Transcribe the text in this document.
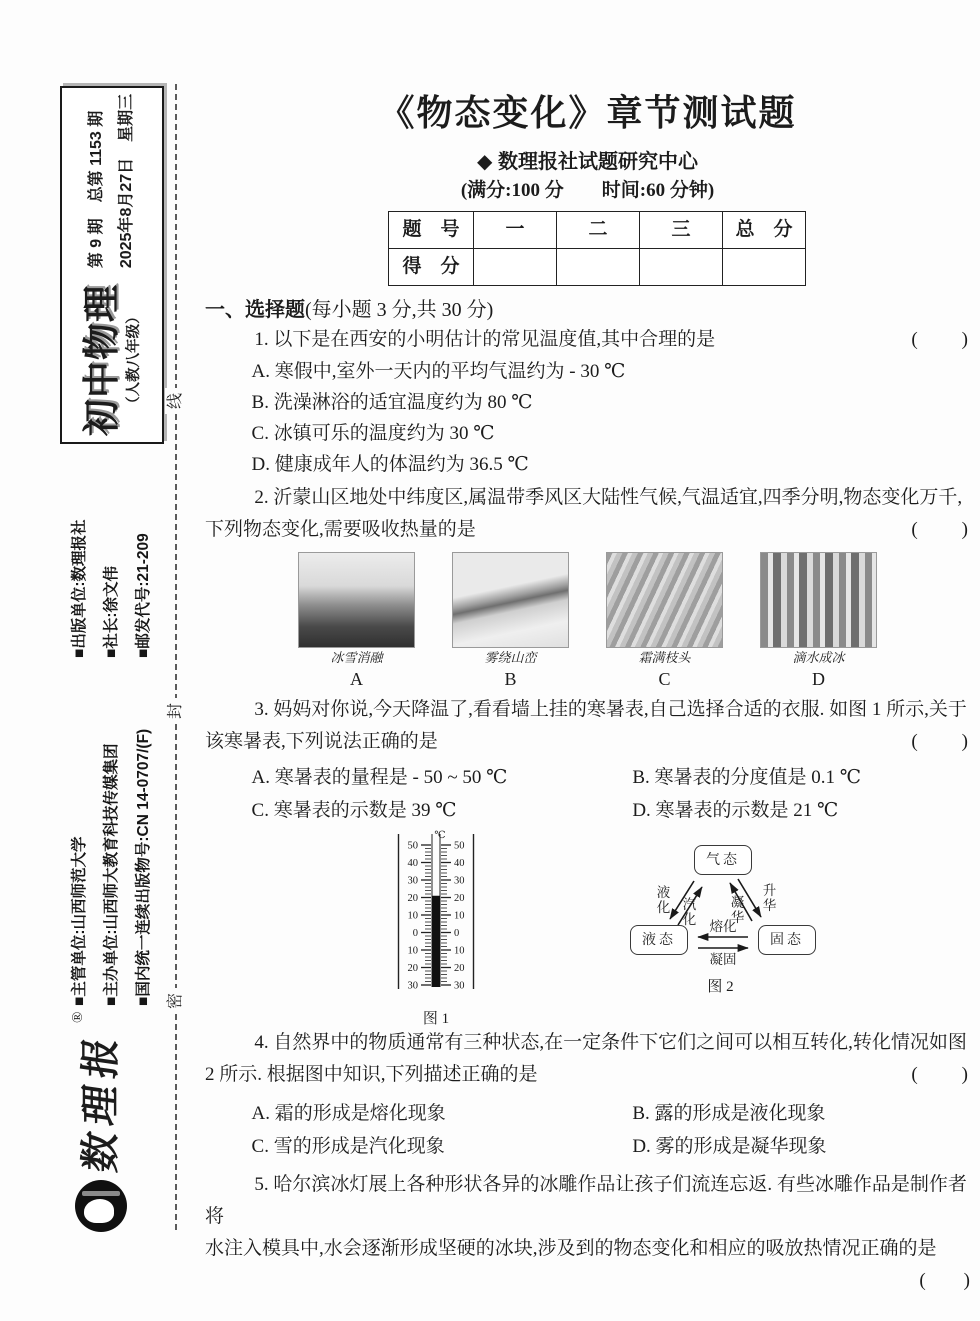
初中物理 （人教八年级）
第 9 期　总第 1153 期 2025年8月27日　星期三
■出版单位:数理报社 ■社长:徐文伟 ■邮发代号:21-209
■主管单位:山西师范大学 ■主办单位:山西师大教育科技传媒集团 ■国内统一连续出版物号:CN 14-0707/(F)
数理报
®
线
封
密
《物态变化》章节测试题
◆ 数理报社试题研究中心
(满分:100 分　　时间:60 分钟)
题　号	一	二	三	总　分
得　分				
一、选择题(每小题 3 分,共 30 分)
(　　)
1. 以下是在西安的小明估计的常见温度值,其中合理的是
A. 寒假中,室外一天内的平均气温约为 - 30 ℃
B. 洗澡淋浴的适宜温度约为 80 ℃
C. 冰镇可乐的温度约为 30 ℃
D. 健康成年人的体温约为 36.5 ℃
2. 沂蒙山区地处中纬度区,属温带季风区大陆性气候,气温适宜,四季分明,物态变化万千,
(　　)
下列物态变化,需要吸收热量的是
冰雪消融
A
雾绕山峦
B
霜满枝头
C
滴水成冰
D
3. 妈妈对你说,今天降温了,看看墙上挂的寒暑表,自己选择合适的衣服. 如图 1 所示,关于
(　　)
该寒暑表,下列说法正确的是
A. 寒暑表的量程是 - 50 ~ 50 ℃	B. 寒暑表的分度值是 0.1 ℃
C. 寒暑表的示数是 39 ℃	D. 寒暑表的示数是 21 ℃
℃
50	50
40	40
30	30
20	20
10	10
0	0
10	10
20	20
30	30
图 1
气态
液态	固态
液化 汽化
升华
凝华
熔化
凝固
图 2
4. 自然界中的物质通常有三种状态,在一定条件下它们之间可以相互转化,转化情况如图
(　　)
2 所示. 根据图中知识,下列描述正确的是
A. 霜的形成是熔化现象	B. 露的形成是液化现象
C. 雪的形成是汽化现象	D. 雾的形成是凝华现象
5. 哈尔滨冰灯展上各种形状各异的冰雕作品让孩子们流连忘返. 有些冰雕作品是制作者将
水注入模具中,水会逐渐形成坚硬的冰块,涉及到的物态变化和相应的吸放热情况正确的是
(　　)
